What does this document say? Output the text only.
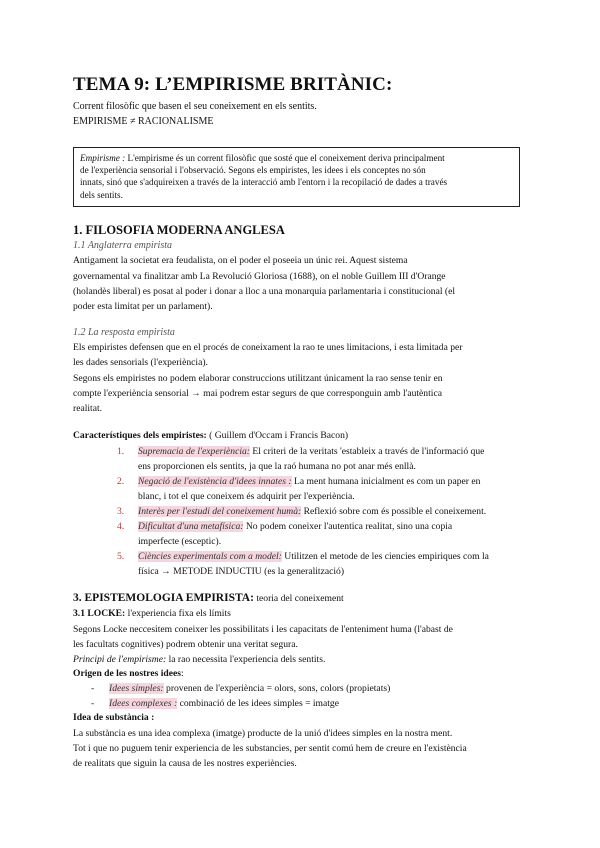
TEMA 9: L’EMPIRISME BRITÀNIC:
Corrent filosòfic que basen el seu coneixement en els sentits.
EMPIRISME ≠ RACIONALISME
Empirisme : L'empirisme és un corrent filosòfic que sosté que el coneixement deriva principalment
de l'experiència sensorial i l'observació. Segons els empiristes, les idees i els conceptes no són
innats, sinó que s'adquireixen a través de la interacció amb l'entorn i la recopilació de dades a través
dels sentits.
1. FILOSOFIA MODERNA ANGLESA
1.1 Anglaterra empirista
Antigament la societat era feudalista, on el poder el poseeia un únic rei. Aquest sistema
governamental va finalitzar amb La Revolució Gloriosa (1688), on el noble Guillem III d'Orange
(holandès liberal) es posat al poder i donar a lloc a una monarquia parlamentaria i constitucional (el
poder esta limitat per un parlament).
1.2 La resposta empirista
Els empiristes defensen que en el procés de coneixament la rao te unes limitacions, i esta limitada per
les dades sensorials (l'experiència).
Segons els empiristes no podem elaborar construccions utilitzant únicament la rao sense tenir en
compte l'experiència sensorial → mai podrem estar segurs de que corresponguin amb l'autèntica
realitat.
Característiques dels empiristes: ( Guillem d'Occam i Francis Bacon)
1. Supremacia de l'experiència: El criteri de la veritats 'estableix a través de l'informació que
ens proporcionen els sentits, ja que la raó humana no pot anar més enllà.
2. Negació de l'existència d'idees innates : La ment humana inicialment es com un paper en
blanc, i tot el que coneixem és adquirit per l'experiència.
3. Interès per l'estudi del coneixement humà: Reflexió sobre com és possible el coneixement.
4. Dificultat d'una metafísica: No podem coneixer l'autentica realitat, sino una copia
imperfecte (esceptic).
5. Ciències experimentals com a model: Utilitzen el metode de les ciencies empiriques com la
física → METODE INDUCTIU (es la generalització)
3. EPISTEMOLOGIA EMPIRISTA: teoria del coneixement
3.1 LOCKE: l'experiencia fixa els límits
Segons Locke neccesitem coneixer les possibilitats i les capacitats de l'enteniment huma (l'abast de
les facultats cognitives) podrem obtenir una veritat segura.
Principi de l'empirisme: la rao necessita l'experiencia dels sentits.
Origen de les nostres idees:
- Idees simples: provenen de l'experiència = olors, sons, colors (propietats)
- Idees complexes : combinació de les idees simples = imatge
Idea de substància :
La substància es una idea complexa (imatge) producte de la unió d'idees simples en la nostra ment.
Tot i que no puguem tenir experiencia de les substancies, per sentit comú hem de creure en l'existència
de realitats que siguin la causa de les nostres experiències.
